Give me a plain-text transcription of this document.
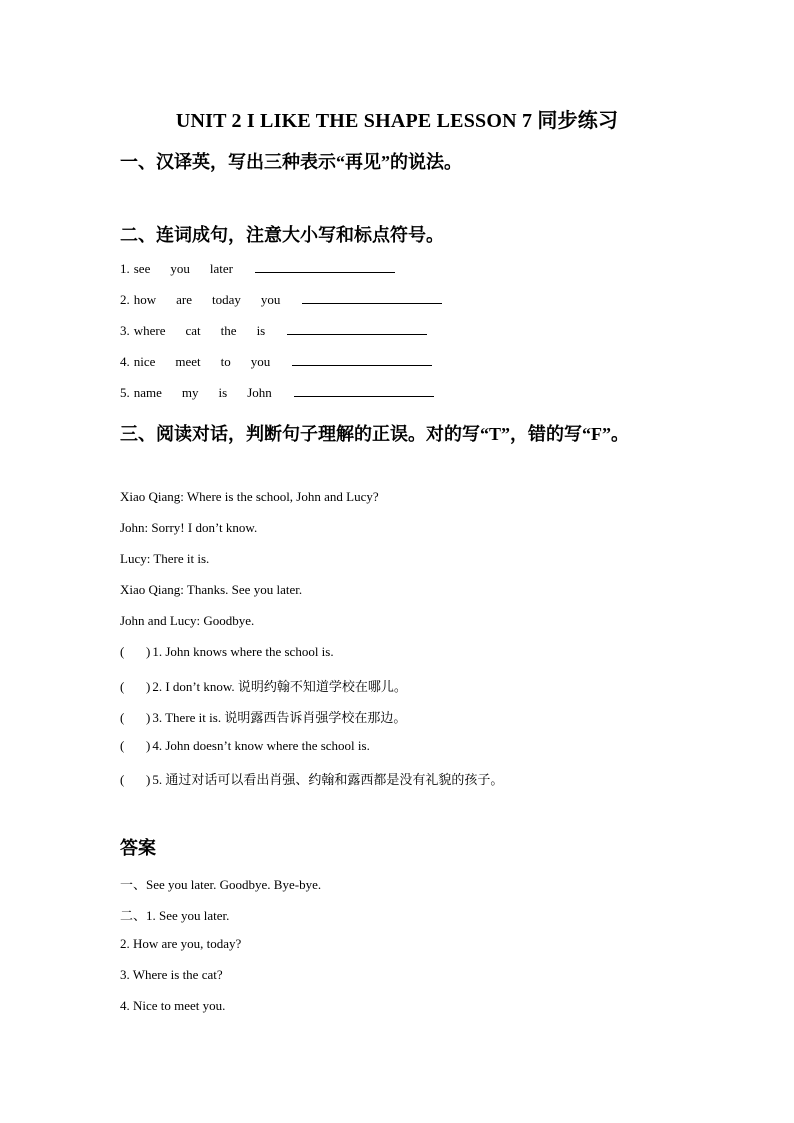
UNIT 2 I LIKE THE SHAPE LESSON 7 同步练习
一、汉译英，写出三种表示“再见”的说法。
二、连词成句，注意大小写和标点符号。
1. see you later
2. how are today you
3. where cat the is
4. nice meet to you
5. name my is John
三、阅读对话，判断句子理解的正误。对的写“T”，错的写“F”。
Xiao Qiang: Where is the school, John and Lucy?
John: Sorry! I don’t know.
Lucy: There it is.
Xiao Qiang: Thanks. See you later.
John and Lucy: Goodbye.
( ) 1. John knows where the school is.
( ) 2. I don’t know. 说明约翰不知道学校在哪儿。
( ) 3. There it is. 说明露西告诉肖强学校在那边。
( ) 4. John doesn’t know where the school is.
( ) 5. 通过对话可以看出肖强、约翰和露西都是没有礼貌的孩子。
答案
一、See you later. Goodbye. Bye-bye.
二、1. See you later.
2. How are you, today?
3. Where is the cat?
4. Nice to meet you.
